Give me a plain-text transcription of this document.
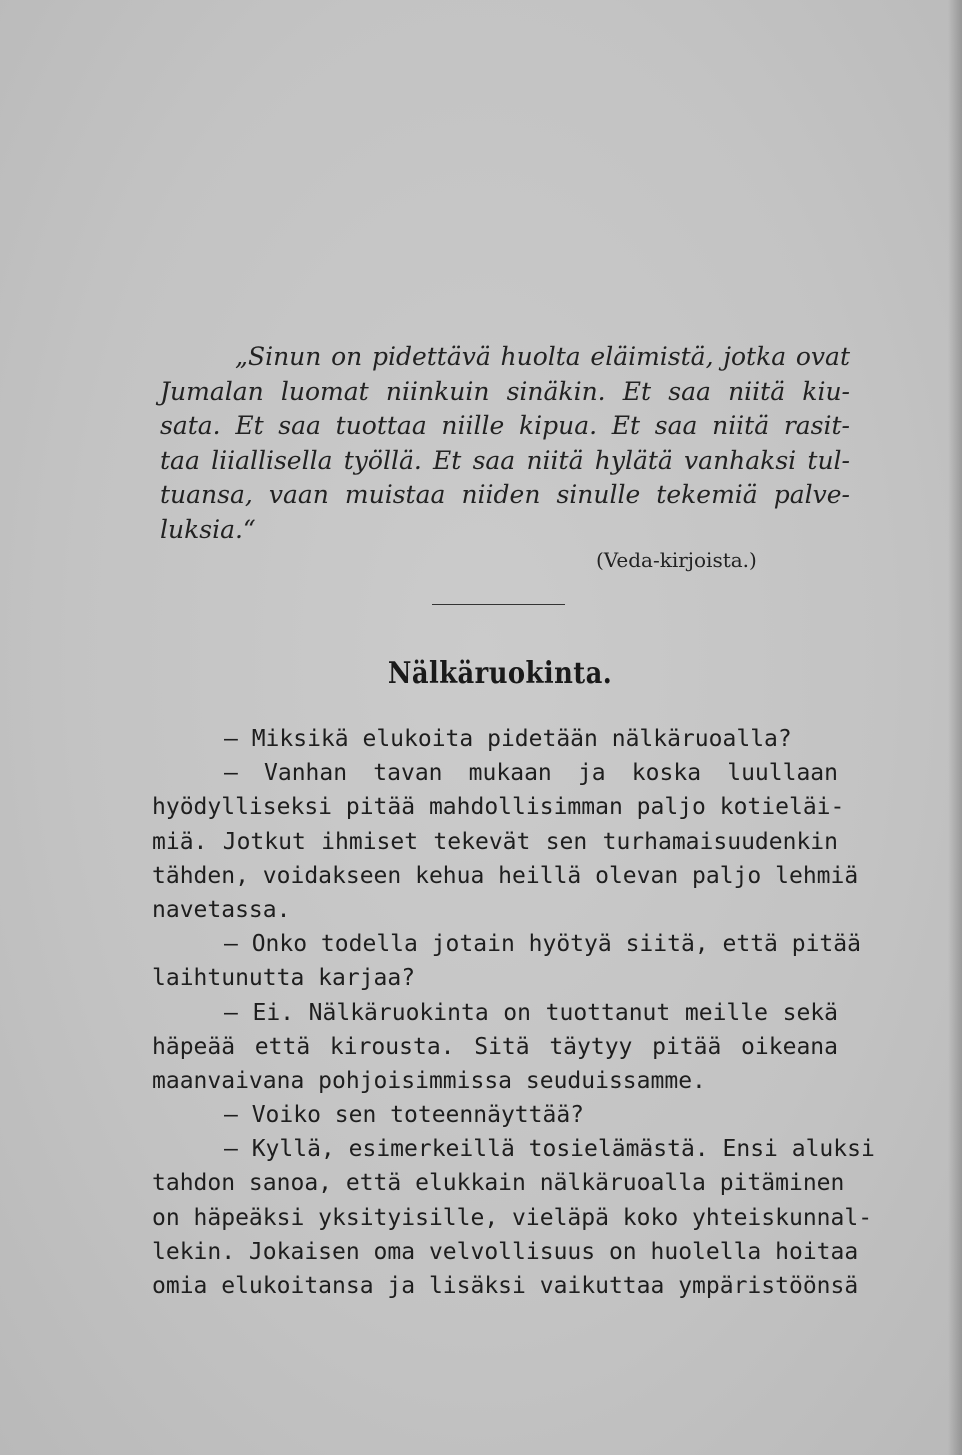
„Sinun on pidettävä huolta eläimistä, jotka ovat
Jumalan luomat niinkuin sinäkin. Et saa niitä kiu-
sata. Et saa tuottaa niille kipua. Et saa niitä rasit-
taa liiallisella työllä. Et saa niitä hylätä vanhaksi tul-
tuansa, vaan muistaa niiden sinulle tekemiä palve-
luksia.“
(Veda-kirjoista.)
Nälkäruokinta.
— Miksikä elukoita pidetään nälkäruoalla?
— Vanhan tavan mukaan ja koska luullaan
hyödylliseksi pitää mahdollisimman paljo kotieläi-
miä. Jotkut ihmiset tekevät sen turhamaisuudenkin
tähden, voidakseen kehua heillä olevan paljo lehmiä
navetassa.
— Onko todella jotain hyötyä siitä, että pitää
laihtunutta karjaa?
— Ei. Nälkäruokinta on tuottanut meille sekä
häpeää että kirousta. Sitä täytyy pitää oikeana
maanvaivana pohjoisimmissa seuduissamme.
— Voiko sen toteennäyttää?
— Kyllä, esimerkeillä tosielämästä. Ensi aluksi
tahdon sanoa, että elukkain nälkäruoalla pitäminen
on häpeäksi yksityisille, vieläpä koko yhteiskunnal-
lekin. Jokaisen oma velvollisuus on huolella hoitaa
omia elukoitansa ja lisäksi vaikuttaa ympäristöönsä
